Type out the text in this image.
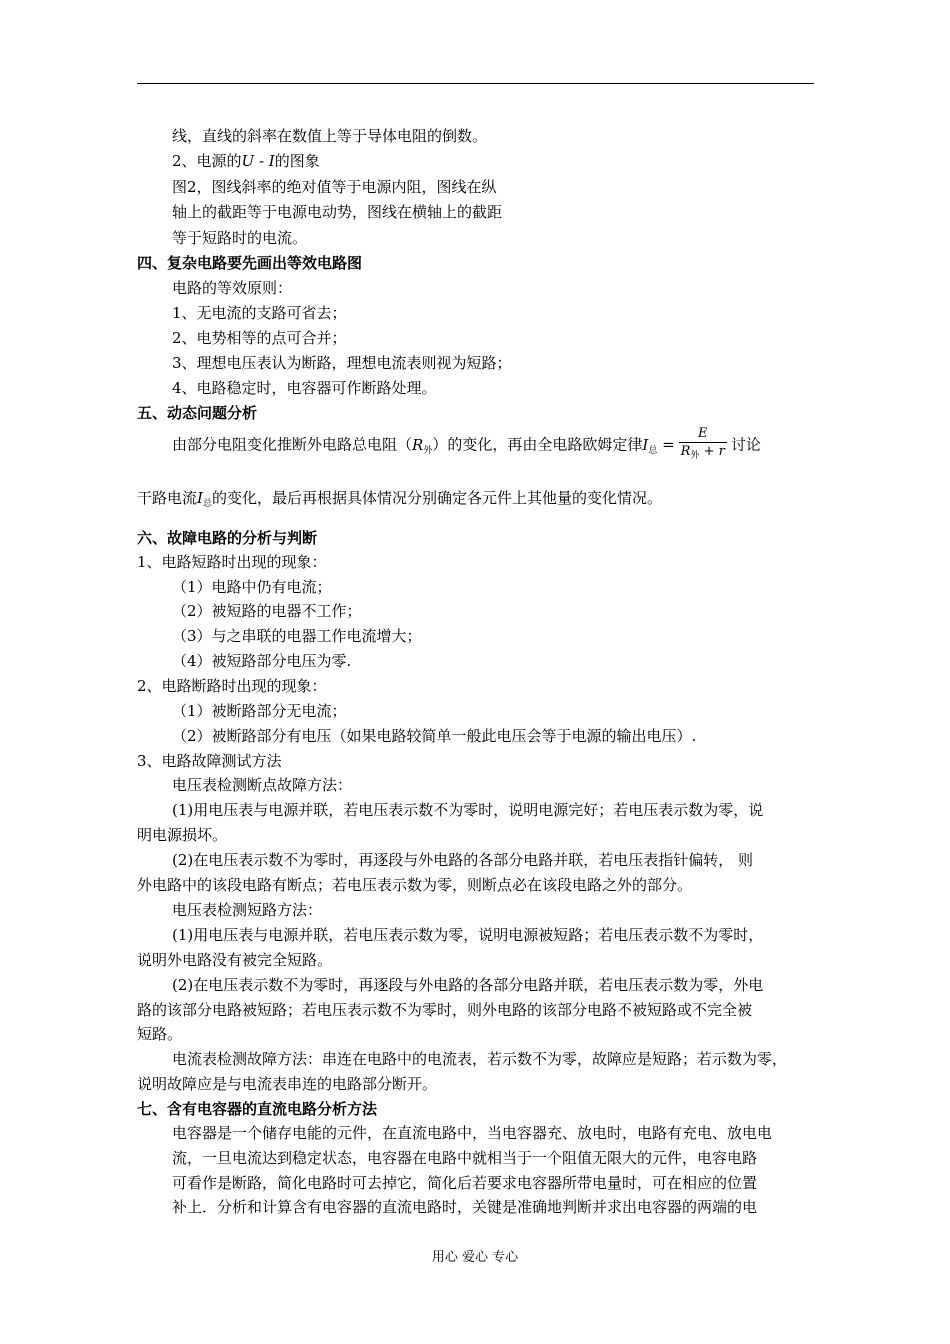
线，直线的斜率在数值上等于导体电阻的倒数。
2、电源的U - I的图象
图2，图线斜率的绝对值等于电源内阻，图线在纵
轴上的截距等于电源电动势，图线在横轴上的截距
等于短路时的电流。
四、复杂电路要先画出等效电路图
电路的等效原则：
1、无电流的支路可省去；
2、电势相等的点可合并；
3、理想电压表认为断路，理想电流表则视为短路；
4、电路稳定时，电容器可作断路处理。
五、动态问题分析
由部分电阻变化推断外电路总电阻$(R_外)$的变化，再由全电路欧姆定律$I_总 = \frac{E}{R_外 + r}$ 讨论
干路电流$I_总$的变化，最后再根据具体情况分别确定各元件上其他量的变化情况。
六、故障电路的分析与判断
1、电路短路时出现的现象：
（1）电路中仍有电流；
（2）被短路的电器不工作；
（3）与之串联的电器工作电流增大；
（4）被短路部分电压为零.
2、电路断路时出现的现象：
（1）被断路部分无电流；
（2）被断路部分有电压（如果电路较简单一般此电压会等于电源的输出电压）.
3、电路故障测试方法
电压表检测断点故障方法：
(1)用电压表与电源并联，若电压表示数不为零时，说明电源完好；若电压表示数为零，说
明电源损坏。
(2)在电压表示数不为零时，再逐段与外电路的各部分电路并联，若电压表指针偏转， 则
外电路中的该段电路有断点；若电压表示数为零，则断点必在该段电路之外的部分。
电压表检测短路方法：
(1)用电压表与电源并联，若电压表示数为零，说明电源被短路；若电压表示数不为零时，
说明外电路没有被完全短路。
(2)在电压表示数不为零时，再逐段与外电路的各部分电路并联，若电压表示数为零，外电
路的该部分电路被短路；若电压表示数不为零时，则外电路的该部分电路不被短路或不完全被
短路。
电流表检测故障方法：串连在电路中的电流表，若示数不为零，故障应是短路；若示数为零，
说明故障应是与电流表串连的电路部分断开。
七、含有电容器的直流电路分析方法
电容器是一个储存电能的元件，在直流电路中，当电容器充、放电时，电路有充电、放电电
流，一旦电流达到稳定状态，电容器在电路中就相当于一个阻值无限大的元件，电容电路
可看作是断路，简化电路时可去掉它，简化后若要求电容器所带电量时，可在相应的位置
补上．分析和计算含有电容器的直流电路时，关键是准确地判断并求出电容器的两端的电
用心 爱心 专心
